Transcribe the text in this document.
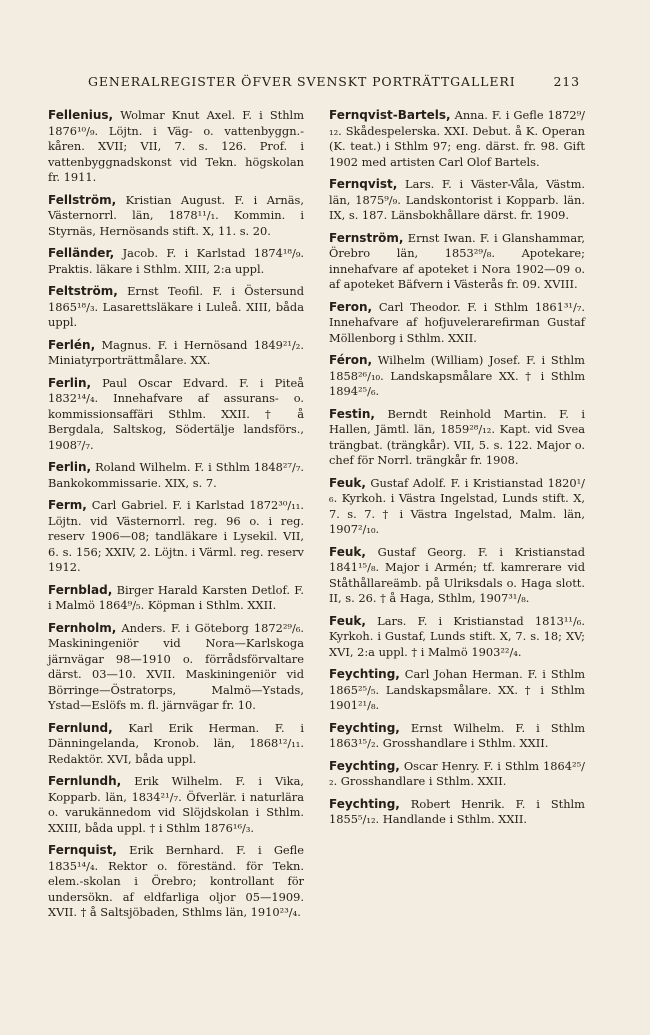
GENERALREGISTER ÖFVER SVENSKT PORTRÄTTGALLERI	213
Fellenius, Wolmar Knut Axel. F. i Sthlm 1876¹⁰/₉. Löjtn. i Väg- o. vattenbyggn.-kåren. XVII; VII, 7. s. 126. Prof. i vattenbyggnadskonst vid Tekn. högskolan fr. 1911.
Fellström, Kristian August. F. i Arnäs, Västernorrl. län, 1878¹¹/₁. Kommin. i Styrnäs, Hernösands stift. X, 11. s. 20.
Felländer, Jacob. F. i Karlstad 1874¹⁸/₉. Praktis. läkare i Sthlm. XIII, 2:a uppl.
Feltström, Ernst Teofil. F. i Östersund 1865¹⁸/₃. Lasarettsläkare i Luleå. XIII, båda uppl.
Ferlén, Magnus. F. i Hernösand 1849²¹/₂. Miniatyrporträttmålare. XX.
Ferlin, Paul Oscar Edvard. F. i Piteå 1832¹⁴/₄. Innehafvare af assurans- o. kommissionsaffäri Sthlm. XXII. † å Bergdala, Saltskog, Södertälje landsförs., 1908⁷/₇.
Ferlin, Roland Wilhelm. F. i Sthlm 1848²⁷/₇. Bankokommissarie. XIX, s. 7.
Ferm, Carl Gabriel. F. i Karlstad 1872³⁰/₁₁. Löjtn. vid Västernorrl. reg. 96 o. i reg. reserv 1906—08; tandläkare i Lysekil. VII, 6. s. 156; XXIV, 2. Löjtn. i Värml. reg. reserv 1912.
Fernblad, Birger Harald Karsten Detlof. F. i Malmö 1864⁹/₅. Köpman i Sthlm. XXII.
Fernholm, Anders. F. i Göteborg 1872²⁹/₆. Maskiningeniör vid Nora—Karlskoga järnvägar 98—1910 o. förrådsförvaltare därst. 03—10. XVII. Maskiningeniör vid Börringe—Östratorps, Malmö—Ystads, Ystad—Eslöfs m. fl. järnvägar fr. 10.
Fernlund, Karl Erik Herman. F. i Dänningelanda, Kronob. län, 1868¹²/₁₁. Redaktör. XVI, båda uppl.
Fernlundh, Erik Wilhelm. F. i Vika, Kopparb. län, 1834²¹/₇. Öfverlär. i naturlära o. varukännedom vid Slöjdskolan i Sthlm. XXIII, båda uppl. † i Sthlm 1876¹⁶/₃.
Fernquist, Erik Bernhard. F. i Gefle 1835¹⁴/₄. Rektor o. föreständ. för Tekn. elem.-skolan i Örebro; kontrollant för undersökn. af eldfarliga oljor 05—1909. XVII. † å Saltsjöbaden, Sthlms län, 1910²³/₄.
Fernqvist-Bartels, Anna. F. i Gefle 1872⁹/₁₂. Skådespelerska. XXI. Debut. å K. Operan (K. teat.) i Sthlm 97; eng. därst. fr. 98. Gift 1902 med artisten Carl Olof Bartels.
Fernqvist, Lars. F. i Väster-Våla, Västm. län, 1875⁹/₉. Landskontorist i Kopparb. län. IX, s. 187. Länsbokhållare därst. fr. 1909.
Fernström, Ernst Iwan. F. i Glanshammar, Örebro län, 1853²⁹/₈. Apotekare; innehafvare af apoteket i Nora 1902—09 o. af apoteket Bäfvern i Västerås fr. 09. XVIII.
Feron, Carl Theodor. F. i Sthlm 1861³¹/₇. Innehafvare af hofjuvelerarefirman Gustaf Möllenborg i Sthlm. XXII.
Féron, Wilhelm (William) Josef. F. i Sthlm 1858²⁶/₁₀. Landskapsmålare XX. † i Sthlm 1894²⁵/₆.
Festin, Berndt Reinhold Martin. F. i Hallen, Jämtl. län, 1859²⁸/₁₂. Kapt. vid Svea trängbat. (trängkår). VII, 5. s. 122. Major o. chef för Norrl. trängkår fr. 1908.
Feuk, Gustaf Adolf. F. i Kristianstad 1820¹/₆. Kyrkoh. i Västra Ingelstad, Lunds stift. X, 7. s. 7. † i Västra Ingelstad, Malm. län, 1907²/₁₀.
Feuk, Gustaf Georg. F. i Kristianstad 1841¹⁵/₈. Major i Armén; tf. kamrerare vid Ståthållareämb. på Ulriksdals o. Haga slott. II, s. 26. † å Haga, Sthlm, 1907³¹/₈.
Feuk, Lars. F. i Kristianstad 1813¹¹/₆. Kyrkoh. i Gustaf, Lunds stift. X, 7. s. 18; XV; XVI, 2:a uppl. † i Malmö 1903²²/₄.
Feychting, Carl Johan Herman. F. i Sthlm 1865²⁵/₅. Landskapsmålare. XX. † i Sthlm 1901²¹/₈.
Feychting, Ernst Wilhelm. F. i Sthlm 1863¹⁵/₂. Grosshandlare i Sthlm. XXII.
Feychting, Oscar Henry. F. i Sthlm 1864²⁵/₂. Grosshandlare i Sthlm. XXII.
Feychting, Robert Henrik. F. i Sthlm 1855⁵/₁₂. Handlande i Sthlm. XXII.
